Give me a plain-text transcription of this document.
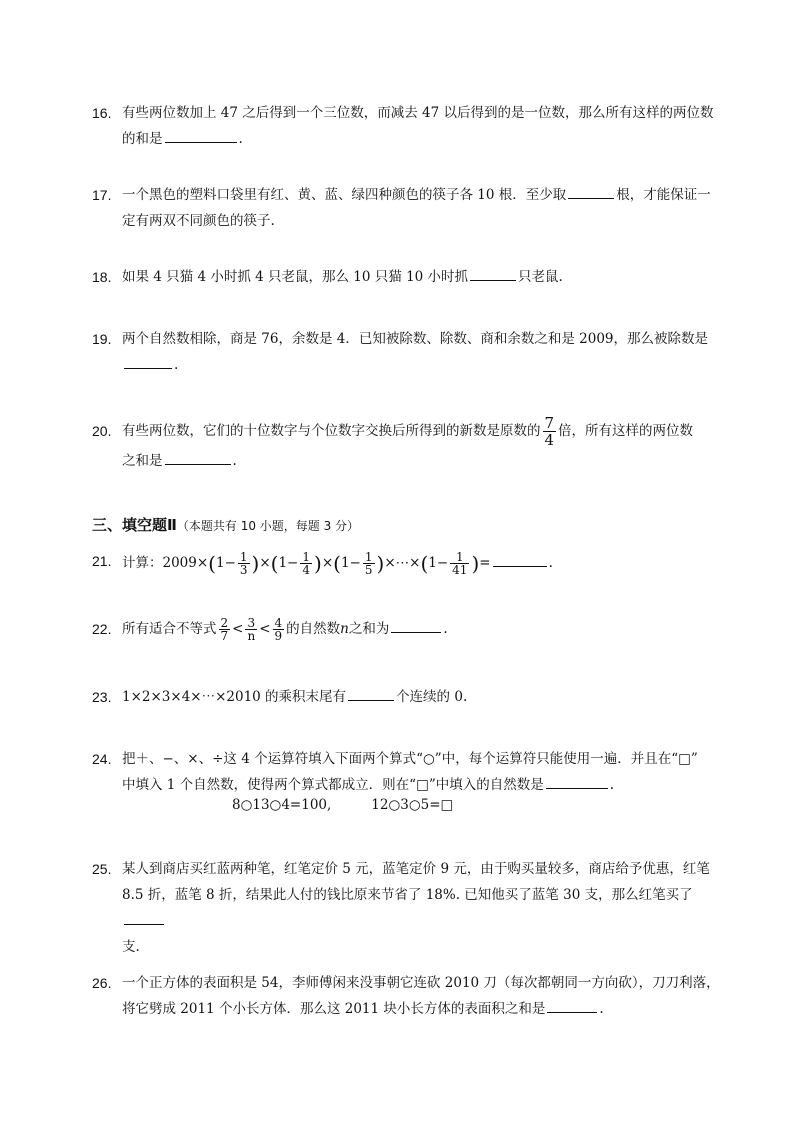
16. 有些两位数加上 47 之后得到一个三位数，而减去 47 以后得到的是一位数，那么所有这样的两位数
的和是	.
17. 一个黑色的塑料口袋里有红、黄、蓝、绿四种颜色的筷子各 10 根．至少取	根，才能保证一
定有两双不同颜色的筷子.
18. 如果 4 只猫 4 小时抓 4 只老鼠，那么 10 只猫 10 小时抓	只老鼠.
19. 两个自然数相除，商是 76，余数是 4．已知被除数、除数、商和余数之和是 2009，那么被除数是
.
20. 有些两位数，它们的十位数字与个位数字交换后所得到的新数是原数的 $\frac{7}{4}$ 倍，所有这样的两位数
之和是	.
三、填空题Ⅱ（本题共有 10 小题，每题 3 分）
21. 计算：$2009\times(1- \frac{1}{3} )\times(1- \frac{1}{4} )\times(1- \frac{1}{5}$ )×⋯×(1− $\frac{1}{41}$ )=	.
22. 所有适合不等式 $\frac{2}{7} < \frac{3}{n} < \frac{4}{9}$ 的自然数n之和为	.
23. 1×2×3×4×⋯×2010 的乘积末尾有	个连续的 0.
24. 把＋、−、×、÷这 4 个运算符填入下面两个算式“○”中，每个运算符只能使用一遍．并且在“□”
中填入 1 个自然数，使得两个算式都成立．则在“□”中填入的自然数是	.
8○13○4=100,	12○3○5=□
25. 某人到商店买红蓝两种笔，红笔定价 5 元，蓝笔定价 9 元，由于购买量较多，商店给予优惠，红笔
8.5 折，蓝笔 8 折，结果此人付的钱比原来节省了 18%. 已知他买了蓝笔 30 支，那么红笔买了
支.
26. 一个正方体的表面积是 54，李师傅闲来没事朝它连砍 2010 刀（每次都朝同一方向砍），刀刀利落，
将它劈成 2011 个小长方体．那么这 2011 块小长方体的表面积之和是	.
